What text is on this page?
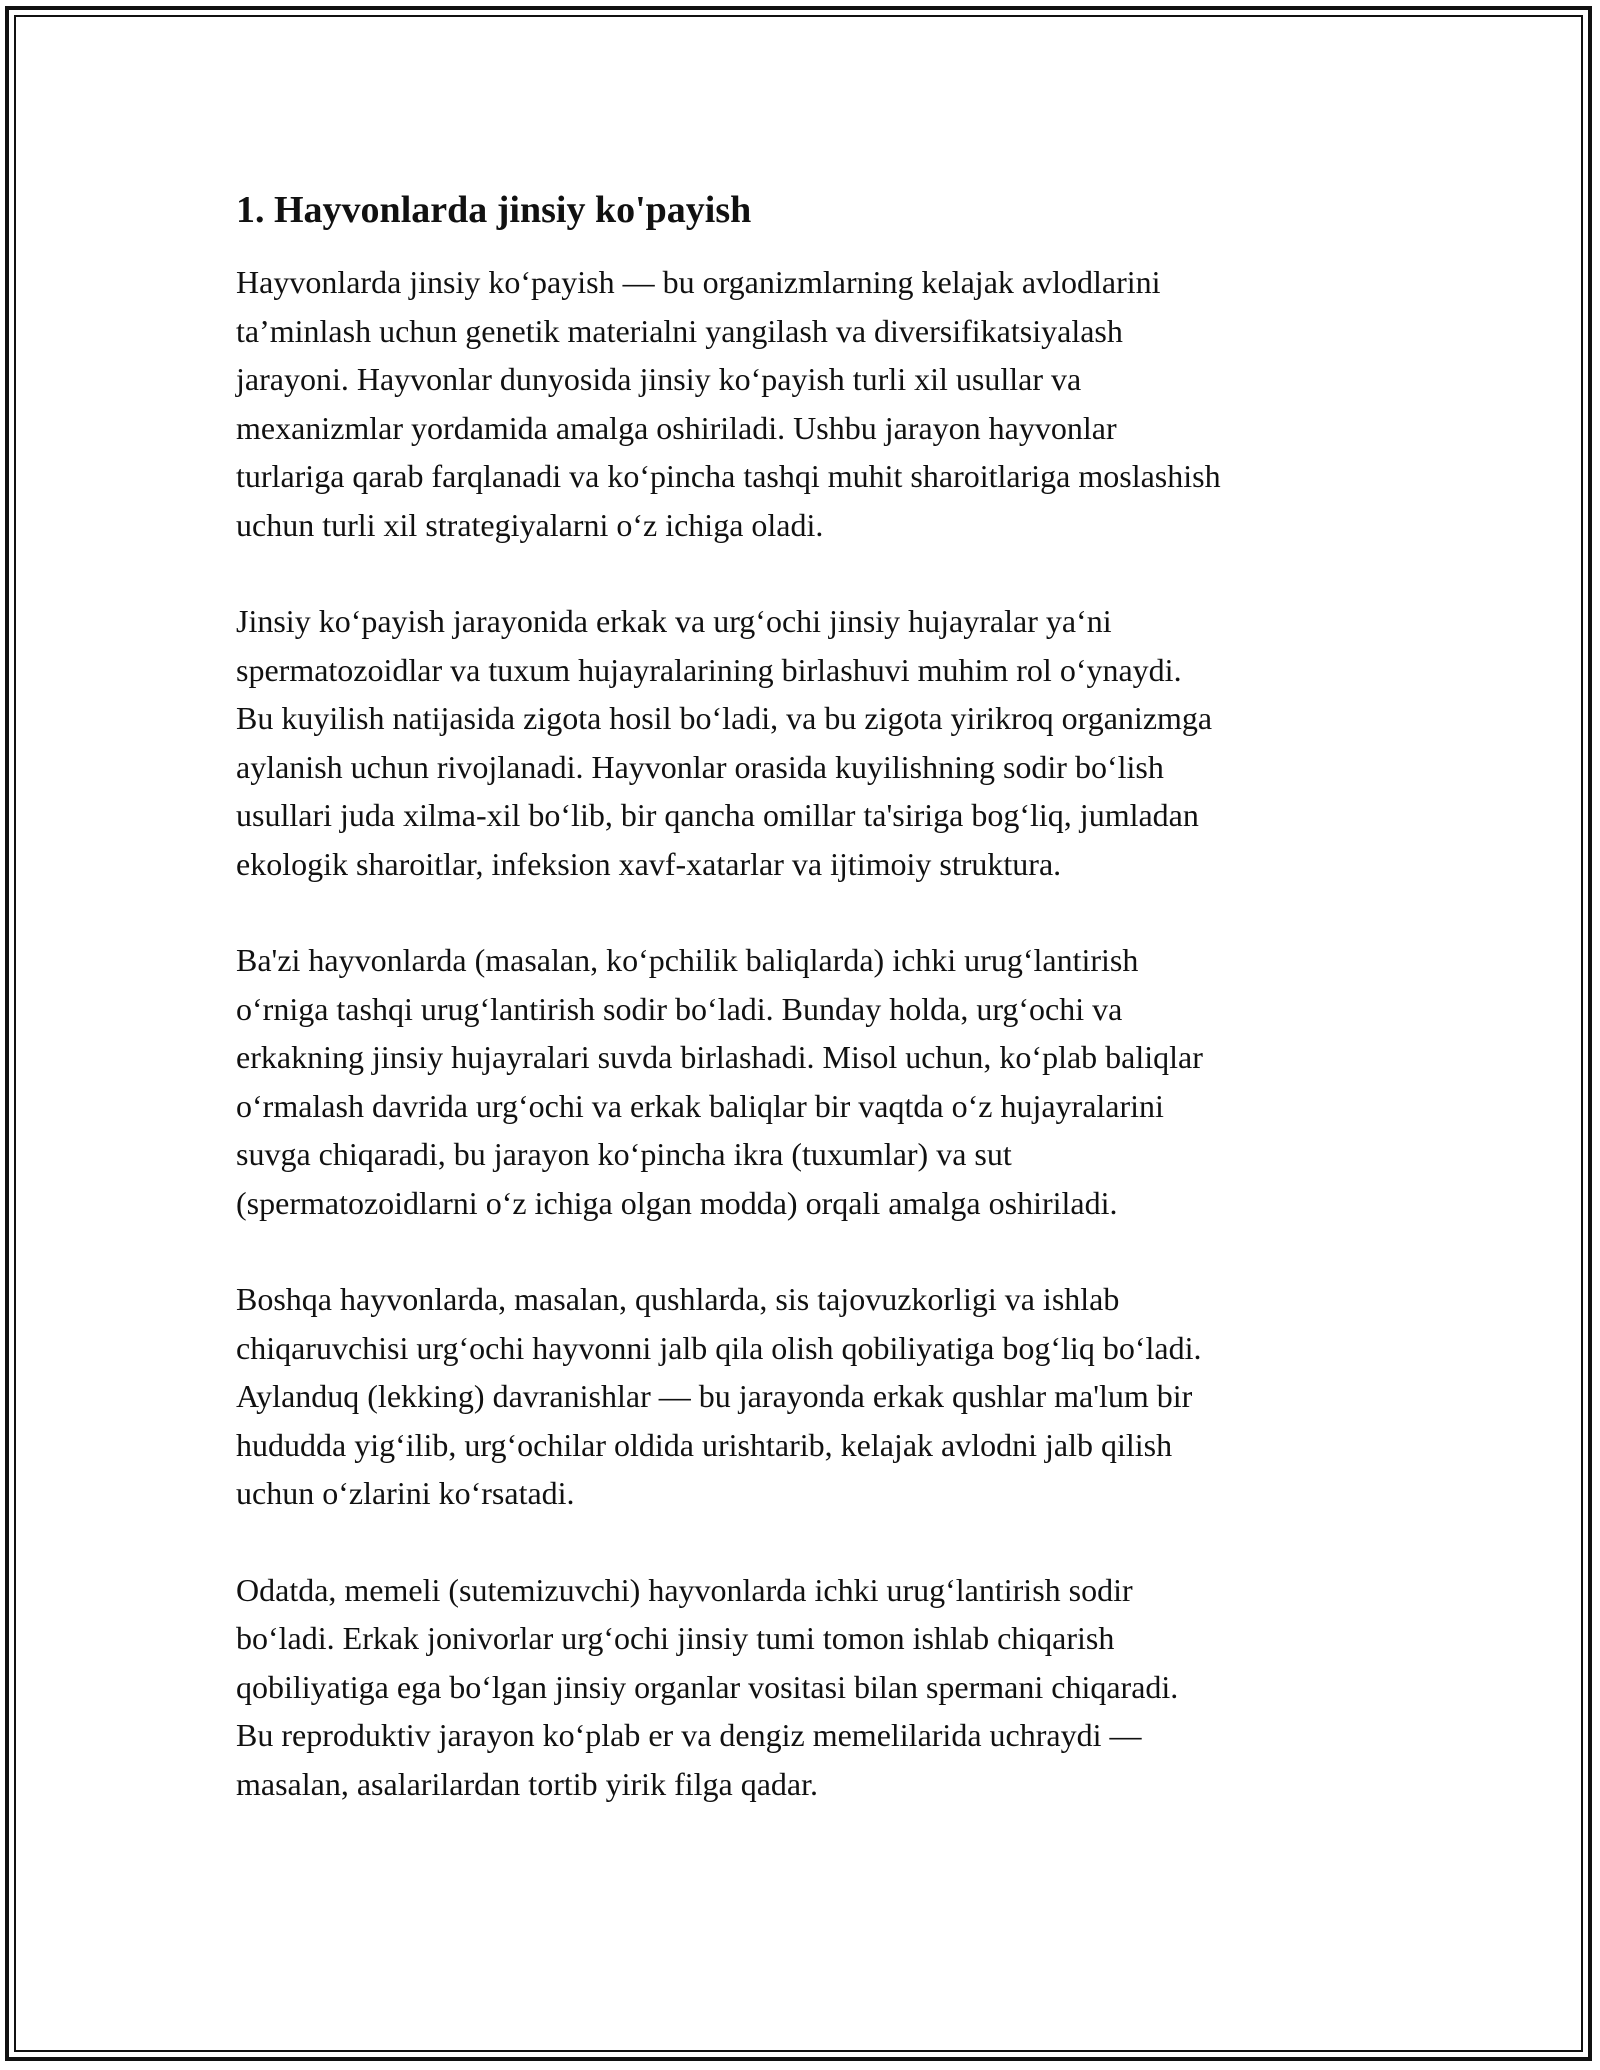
1. Hayvonlarda jinsiy ko'payish

Hayvonlarda jinsiy ko‘payish — bu organizmlarning kelajak avlodlarini
ta’minlash uchun genetik materialni yangilash va diversifikatsiyalash
jarayoni. Hayvonlar dunyosida jinsiy ko‘payish turli xil usullar va
mexanizmlar yordamida amalga oshiriladi. Ushbu jarayon hayvonlar
turlariga qarab farqlanadi va ko‘pincha tashqi muhit sharoitlariga moslashish
uchun turli xil strategiyalarni o‘z ichiga oladi.

Jinsiy ko‘payish jarayonida erkak va urg‘ochi jinsiy hujayralar ya‘ni
spermatozoidlar va tuxum hujayralarining birlashuvi muhim rol o‘ynaydi.
Bu kuyilish natijasida zigota hosil bo‘ladi, va bu zigota yirikroq organizmga
aylanish uchun rivojlanadi. Hayvonlar orasida kuyilishning sodir bo‘lish
usullari juda xilma-xil bo‘lib, bir qancha omillar ta'siriga bog‘liq, jumladan
ekologik sharoitlar, infeksion xavf-xatarlar va ijtimoiy struktura.

Ba'zi hayvonlarda (masalan, ko‘pchilik baliqlarda) ichki urug‘lantirish
o‘rniga tashqi urug‘lantirish sodir bo‘ladi. Bunday holda, urg‘ochi va
erkakning jinsiy hujayralari suvda birlashadi. Misol uchun, ko‘plab baliqlar
o‘rmalash davrida urg‘ochi va erkak baliqlar bir vaqtda o‘z hujayralarini
suvga chiqaradi, bu jarayon ko‘pincha ikra (tuxumlar) va sut
(spermatozoidlarni o‘z ichiga olgan modda) orqali amalga oshiriladi.

Boshqa hayvonlarda, masalan, qushlarda, sis tajovuzkorligi va ishlab
chiqaruvchisi urg‘ochi hayvonni jalb qila olish qobiliyatiga bog‘liq bo‘ladi.
Aylanduq (lekking) davranishlar — bu jarayonda erkak qushlar ma'lum bir
hududda yig‘ilib, urg‘ochilar oldida urishtarib, kelajak avlodni jalb qilish
uchun o‘zlarini ko‘rsatadi.

Odatda, memeli (sutemizuvchi) hayvonlarda ichki urug‘lantirish sodir
bo‘ladi. Erkak jonivorlar urg‘ochi jinsiy tumi tomon ishlab chiqarish
qobiliyatiga ega bo‘lgan jinsiy organlar vositasi bilan spermani chiqaradi.
Bu reproduktiv jarayon ko‘plab er va dengiz memelilarida uchraydi —
masalan, asalarilardan tortib yirik filga qadar.
